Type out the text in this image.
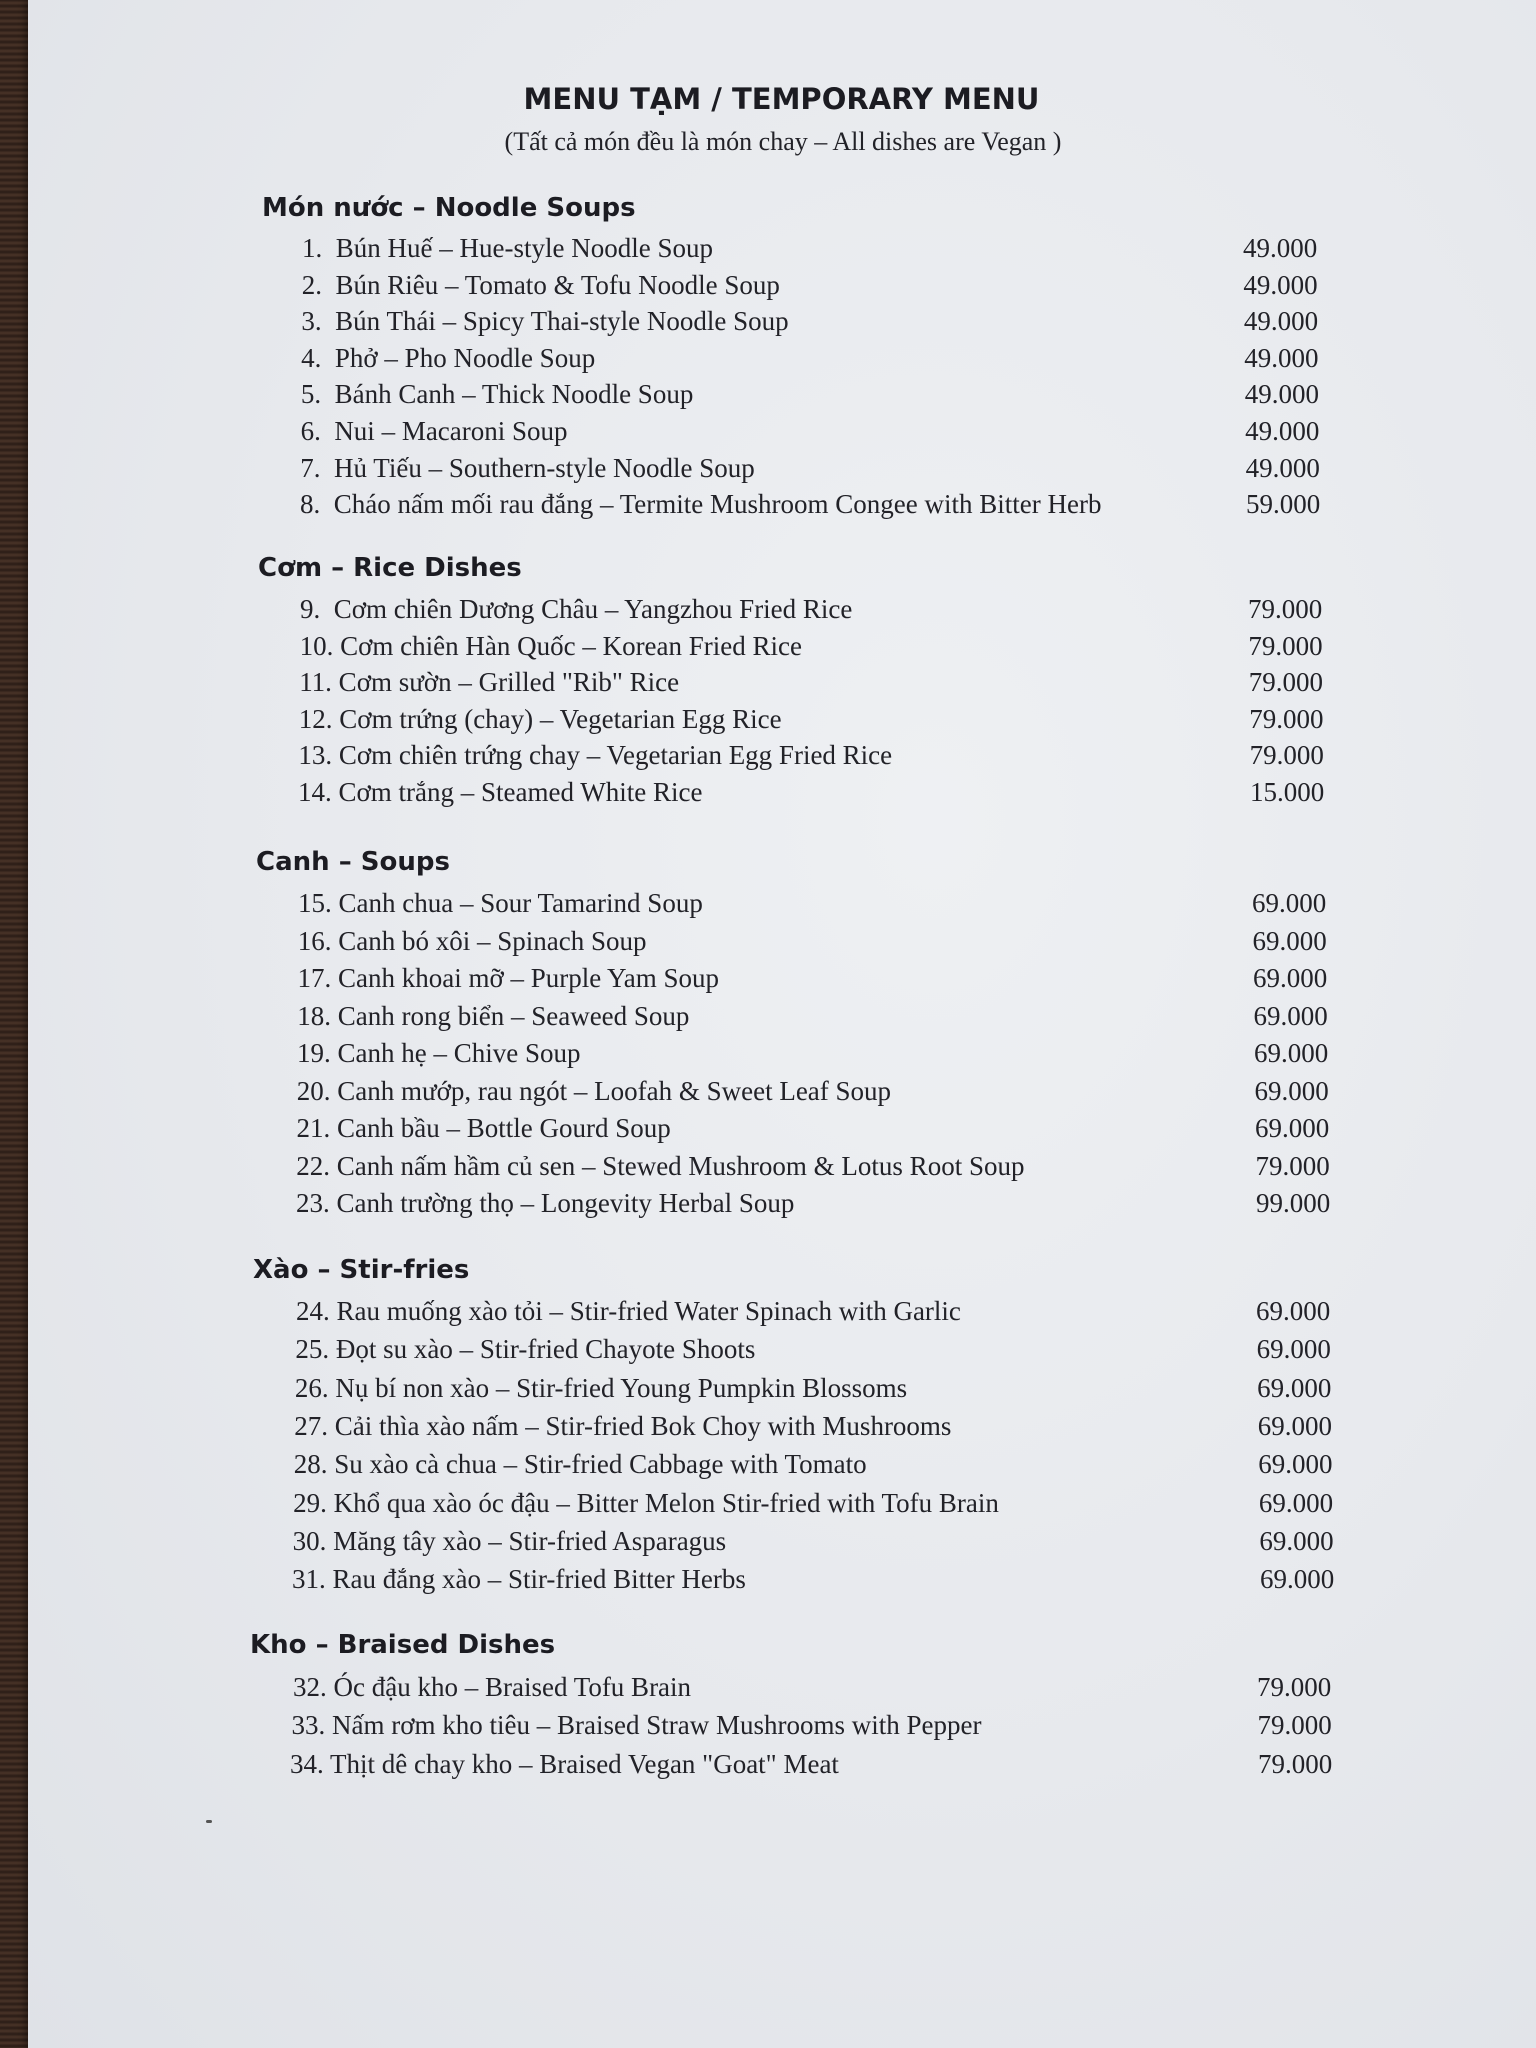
MENU TẠM / TEMPORARY MENU
(Tất cả món đều là món chay – All dishes are Vegan )
Món nước – Noodle Soups
1.  Bún Huế – Hue-style Noodle Soup	49.000
2.  Bún Riêu – Tomato & Tofu Noodle Soup	49.000
3.  Bún Thái – Spicy Thai-style Noodle Soup	49.000
4.  Phở – Pho Noodle Soup	49.000
5.  Bánh Canh – Thick Noodle Soup	49.000
6.  Nui – Macaroni Soup	49.000
7.  Hủ Tiếu – Southern-style Noodle Soup	49.000
8.  Cháo nấm mối rau đắng – Termite Mushroom Congee with Bitter Herb	59.000
Cơm – Rice Dishes
9.  Cơm chiên Dương Châu – Yangzhou Fried Rice	79.000
10. Cơm chiên Hàn Quốc – Korean Fried Rice	79.000
11. Cơm sườn – Grilled "Rib" Rice	79.000
12. Cơm trứng (chay) – Vegetarian Egg Rice	79.000
13. Cơm chiên trứng chay – Vegetarian Egg Fried Rice	79.000
14. Cơm trắng – Steamed White Rice	15.000
Canh – Soups
15. Canh chua – Sour Tamarind Soup	69.000
16. Canh bó xôi – Spinach Soup	69.000
17. Canh khoai mỡ – Purple Yam Soup	69.000
18. Canh rong biển – Seaweed Soup	69.000
19. Canh hẹ – Chive Soup	69.000
20. Canh mướp, rau ngót – Loofah & Sweet Leaf Soup	69.000
21. Canh bầu – Bottle Gourd Soup	69.000
22. Canh nấm hầm củ sen – Stewed Mushroom & Lotus Root Soup	79.000
23. Canh trường thọ – Longevity Herbal Soup	99.000
Xào – Stir-fries
24. Rau muống xào tỏi – Stir-fried Water Spinach with Garlic	69.000
25. Đọt su xào – Stir-fried Chayote Shoots	69.000
26. Nụ bí non xào – Stir-fried Young Pumpkin Blossoms	69.000
27. Cải thìa xào nấm – Stir-fried Bok Choy with Mushrooms	69.000
28. Su xào cà chua – Stir-fried Cabbage with Tomato	69.000
29. Khổ qua xào óc đậu – Bitter Melon Stir-fried with Tofu Brain	69.000
30. Măng tây xào – Stir-fried Asparagus	69.000
31. Rau đắng xào – Stir-fried Bitter Herbs	69.000
Kho – Braised Dishes
32. Óc đậu kho – Braised Tofu Brain	79.000
33. Nấm rơm kho tiêu – Braised Straw Mushrooms with Pepper	79.000
34. Thịt dê chay kho – Braised Vegan "Goat" Meat	79.000
